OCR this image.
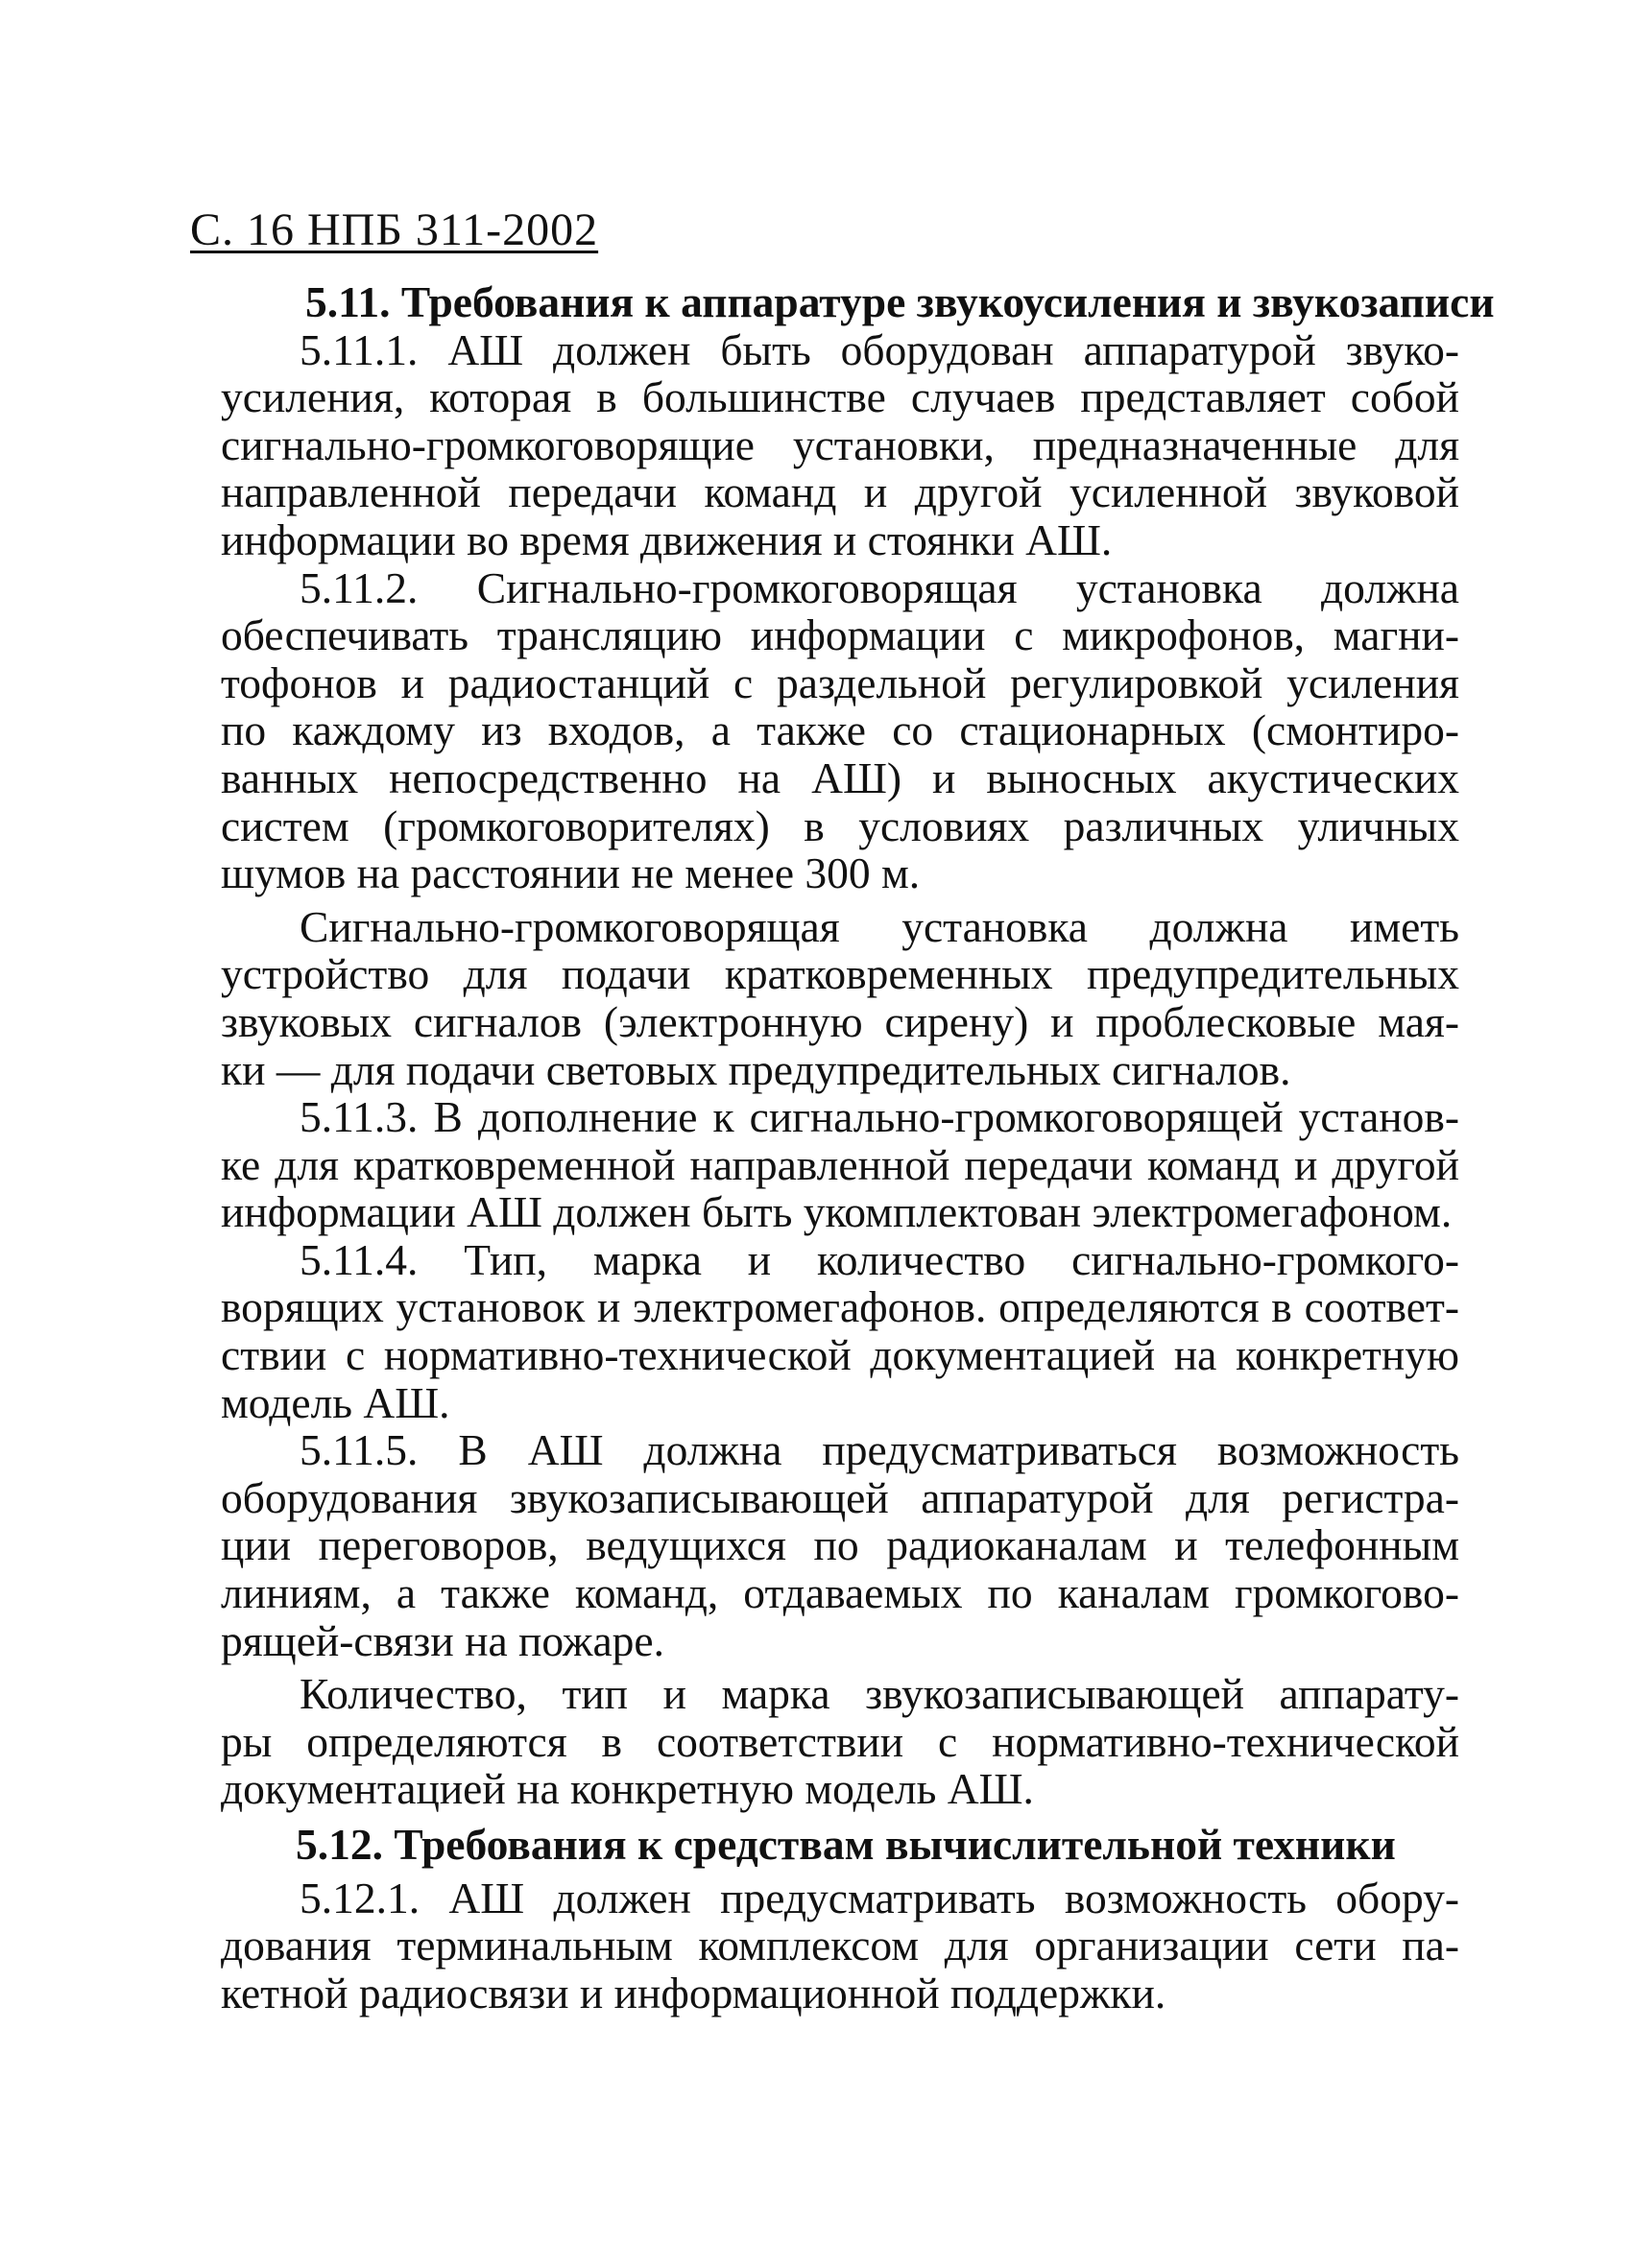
С. 16 НПБ 311-2002
5.11. Требования к аппаратуре звукоусиления и звукозаписи
5.11.1. АШ должен быть оборудован аппаратурой звуко-
усиления, которая в большинстве случаев представляет собой
сигнально-громкоговорящие установки, предназначенные для
направленной передачи команд и другой усиленной звуковой
информации во время движения и стоянки АШ.
5.11.2. Сигнально-громкоговорящая установка должна
обеспечивать трансляцию информации с микрофонов, магни-
тофонов и радиостанций с раздельной регулировкой усиления
по каждому из входов, а также со стационарных (смонтиро-
ванных непосредственно на АШ) и выносных акустических
систем (громкоговорителях) в условиях различных уличных
шумов на расстоянии не менее 300 м.
Сигнально-громкоговорящая установка должна иметь
устройство для подачи кратковременных предупредительных
звуковых сигналов (электронную сирену) и проблесковые мая-
ки — для подачи световых предупредительных сигналов.
5.11.3. В дополнение к сигнально-громкоговорящей установ-
ке для кратковременной направленной передачи команд и другой
информации АШ должен быть укомплектован электромегафоном.
5.11.4. Тип, марка и количество сигнально-громкого-
ворящих установок и электромегафонов. определяются в соответ-
ствии с нормативно-технической документацией на конкретную
модель АШ.
5.11.5. В АШ должна предусматриваться возможность
оборудования звукозаписывающей аппаратурой для регистра-
ции переговоров, ведущихся по радиоканалам и телефонным
линиям, а также команд, отдаваемых по каналам громкогово-
рящей-связи на пожаре.
Количество, тип и марка звукозаписывающей аппарату-
ры определяются в соответствии с нормативно-технической
документацией на конкретную модель АШ.
5.12. Требования к средствам вычислительной техники
5.12.1. АШ должен предусматривать возможность обору-
дования терминальным комплексом для организации сети па-
кетной радиосвязи и информационной поддержки.
